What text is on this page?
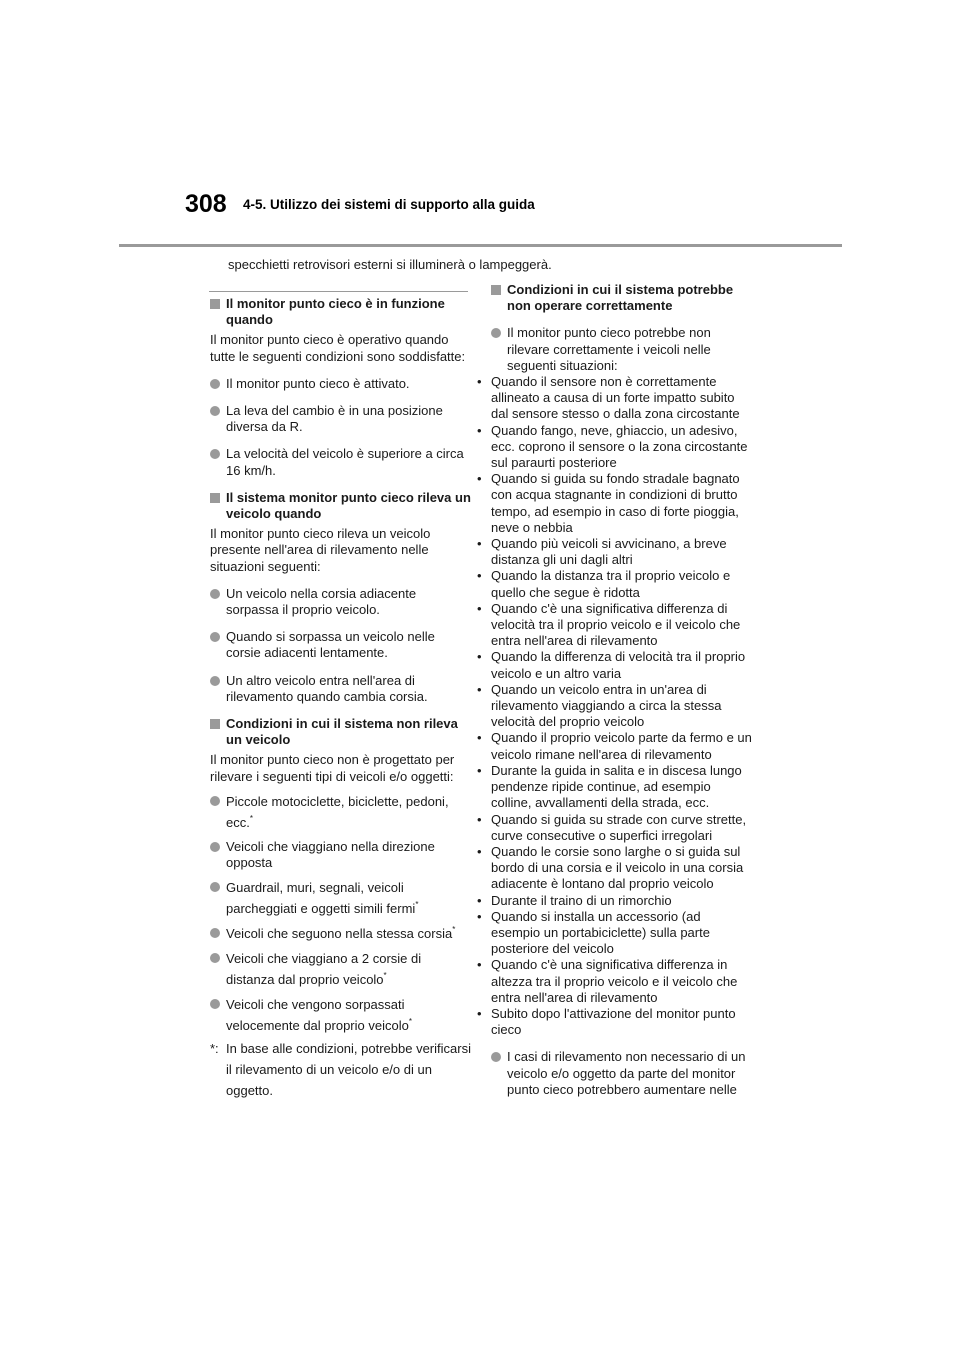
308 4-5. Utilizzo dei sistemi di supporto alla guida
specchietti retrovisori esterni si illuminerà o lampeggerà.
Il monitor punto cieco è in funzione quando
Il monitor punto cieco è operativo quando tutte le seguenti condizioni sono soddisfatte:
Il monitor punto cieco è attivato.
La leva del cambio è in una posizione diversa da R.
La velocità del veicolo è superiore a circa 16 km/h.
Il sistema monitor punto cieco rileva un veicolo quando
Il monitor punto cieco rileva un veicolo presente nell'area di rilevamento nelle situazioni seguenti:
Un veicolo nella corsia adiacente sorpassa il proprio veicolo.
Quando si sorpassa un veicolo nelle corsie adiacenti lentamente.
Un altro veicolo entra nell'area di rilevamento quando cambia corsia.
Condizioni in cui il sistema non rileva un veicolo
Il monitor punto cieco non è progettato per rilevare i seguenti tipi di veicoli e/o oggetti:
Piccole motociclette, biciclette, pedoni, ecc.*
Veicoli che viaggiano nella direzione opposta
Guardrail, muri, segnali, veicoli parcheggiati e oggetti simili fermi*
Veicoli che seguono nella stessa corsia*
Veicoli che viaggiano a 2 corsie di distanza dal proprio veicolo*
Veicoli che vengono sorpassati velocemente dal proprio veicolo*
*: In base alle condizioni, potrebbe verificarsi il rilevamento di un veicolo e/o di un oggetto.
Condizioni in cui il sistema potrebbe non operare correttamente
Il monitor punto cieco potrebbe non rilevare correttamente i veicoli nelle seguenti situazioni:
• Quando il sensore non è correttamente allineato a causa di un forte impatto subito dal sensore stesso o dalla zona circostante
• Quando fango, neve, ghiaccio, un adesivo, ecc. coprono il sensore o la zona circostante sul paraurti posteriore
• Quando si guida su fondo stradale bagnato con acqua stagnante in condizioni di brutto tempo, ad esempio in caso di forte pioggia, neve o nebbia
• Quando più veicoli si avvicinano, a breve distanza gli uni dagli altri
• Quando la distanza tra il proprio veicolo e quello che segue è ridotta
• Quando c'è una significativa differenza di velocità tra il proprio veicolo e il veicolo che entra nell'area di rilevamento
• Quando la differenza di velocità tra il proprio veicolo e un altro varia
• Quando un veicolo entra in un'area di rilevamento viaggiando a circa la stessa velocità del proprio veicolo
• Quando il proprio veicolo parte da fermo e un veicolo rimane nell'area di rilevamento
• Durante la guida in salita e in discesa lungo pendenze ripide continue, ad esempio colline, avvallamenti della strada, ecc.
• Quando si guida su strade con curve strette, curve consecutive o superfici irregolari
• Quando le corsie sono larghe o si guida sul bordo di una corsia e il veicolo in una corsia adiacente è lontano dal proprio veicolo
• Durante il traino di un rimorchio
• Quando si installa un accessorio (ad esempio un portabiciclette) sulla parte posteriore del veicolo
• Quando c'è una significativa differenza in altezza tra il proprio veicolo e il veicolo che entra nell'area di rilevamento
• Subito dopo l'attivazione del monitor punto cieco
I casi di rilevamento non necessario di un veicolo e/o oggetto da parte del monitor punto cieco potrebbero aumentare nelle
